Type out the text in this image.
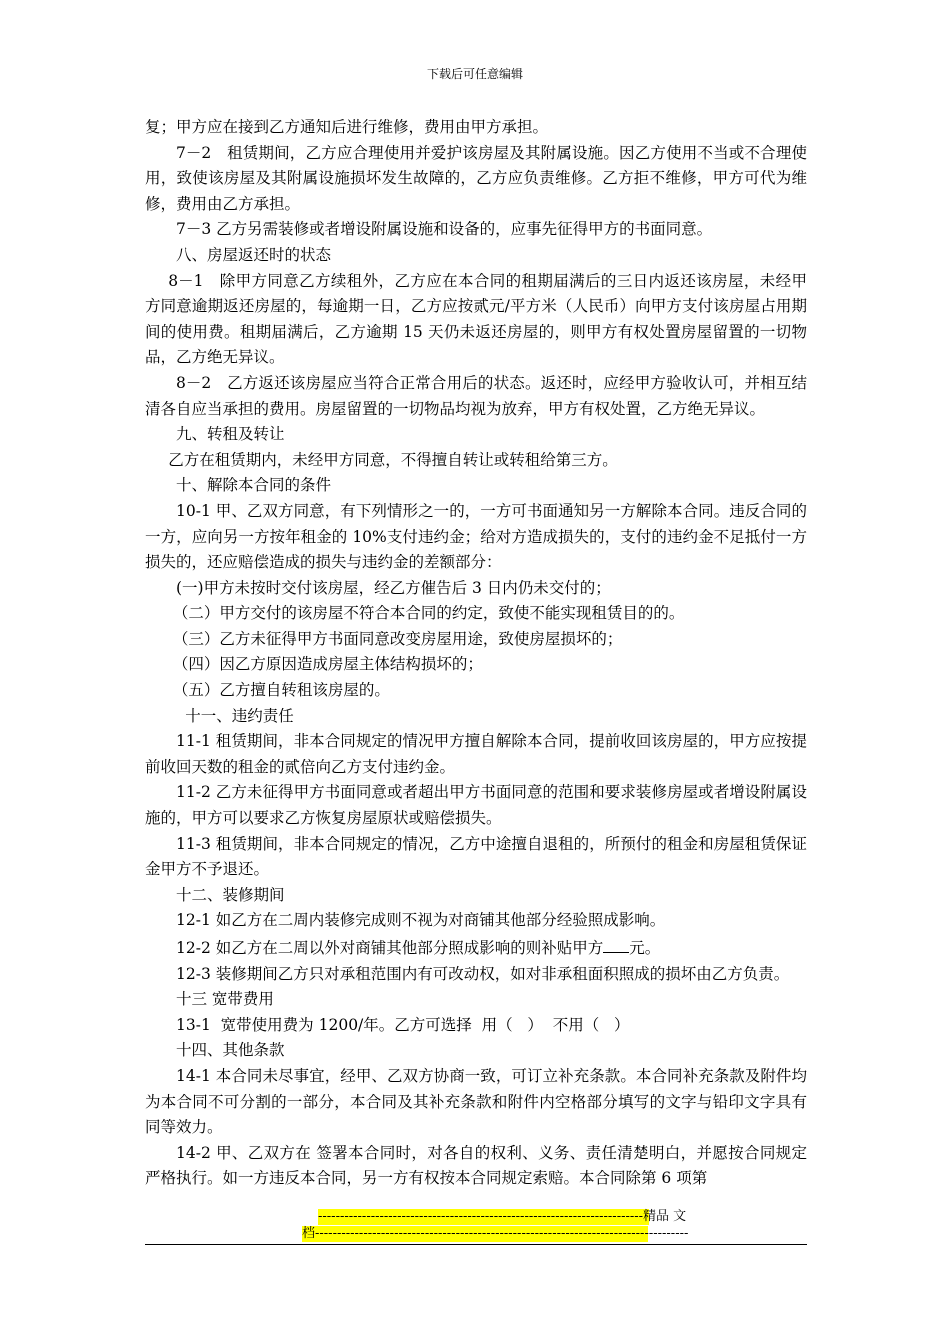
下载后可任意编辑

复；甲方应在接到乙方通知后进行维修，费用由甲方承担。

7－2　租赁期间，乙方应合理使用并爱护该房屋及其附属设施。因乙方使用不当或不合理使用，致使该房屋及其附属设施损坏发生故障的，乙方应负责维修。乙方拒不维修，甲方可代为维修，费用由乙方承担。

7－3 乙方另需装修或者增设附属设施和设备的，应事先征得甲方的书面同意。

八、房屋返还时的状态

8－1　除甲方同意乙方续租外，乙方应在本合同的租期届满后的三日内返还该房屋，未经甲方同意逾期返还房屋的，每逾期一日，乙方应按贰元/平方米（人民币）向甲方支付该房屋占用期间的使用费。租期届满后，乙方逾期 15 天仍未返还房屋的，则甲方有权处置房屋留置的一切物品，乙方绝无异议。

8－2　乙方返还该房屋应当符合正常合用后的状态。返还时，应经甲方验收认可，并相互结清各自应当承担的费用。房屋留置的一切物品均视为放弃，甲方有权处置，乙方绝无异议。

九、转租及转让

乙方在租赁期内，未经甲方同意，不得擅自转让或转租给第三方。

十、解除本合同的条件

10-1 甲、乙双方同意，有下列情形之一的，一方可书面通知另一方解除本合同。违反合同的一方，应向另一方按年租金的 10%支付违约金；给对方造成损失的，支付的违约金不足抵付一方损失的，还应赔偿造成的损失与违约金的差额部分：

(一)甲方未按时交付该房屋，经乙方催告后 3 日内仍未交付的；

（二）甲方交付的该房屋不符合本合同的约定，致使不能实现租赁目的的。

（三）乙方未征得甲方书面同意改变房屋用途，致使房屋损坏的；

（四）因乙方原因造成房屋主体结构损坏的；

（五）乙方擅自转租该房屋的。

十一、违约责任

11-1 租赁期间，非本合同规定的情况甲方擅自解除本合同，提前收回该房屋的，甲方应按提前收回天数的租金的贰倍向乙方支付违约金。

11-2 乙方未征得甲方书面同意或者超出甲方书面同意的范围和要求装修房屋或者增设附属设施的，甲方可以要求乙方恢复房屋原状或赔偿损失。

11-3 租赁期间，非本合同规定的情况，乙方中途擅自退租的，所预付的租金和房屋租赁保证金甲方不予退还。

十二、装修期间

12-1 如乙方在二周内装修完成则不视为对商铺其他部分经验照成影响。

12-2 如乙方在二周以外对商铺其他部分照成影响的则补贴甲方 元。

12-3 装修期间乙方只对承租范围内有可改动权，如对非承租面积照成的损坏由乙方负责。

十三 宽带费用

13-1  宽带使用费为 1200/年。乙方可选择  用（   ）  不用（   ）

十四、其他条款

14-1 本合同未尽事宜，经甲、乙双方协商一致，可订立补充条款。本合同补充条款及附件均为本合同不可分割的一部分，本合同及其补充条款和附件内空格部分填写的文字与铅印文字具有同等效力。

14-2 甲、乙双方在 签署本合同时，对各自的权利、义务、责任清楚明白，并愿按合同规定严格执行。如一方违反本合同，另一方有权按本合同规定索赔。本合同除第 6 项第

--------------------------------------------------------------------------精品 文
档-------------------------------------------------------------------------------------
